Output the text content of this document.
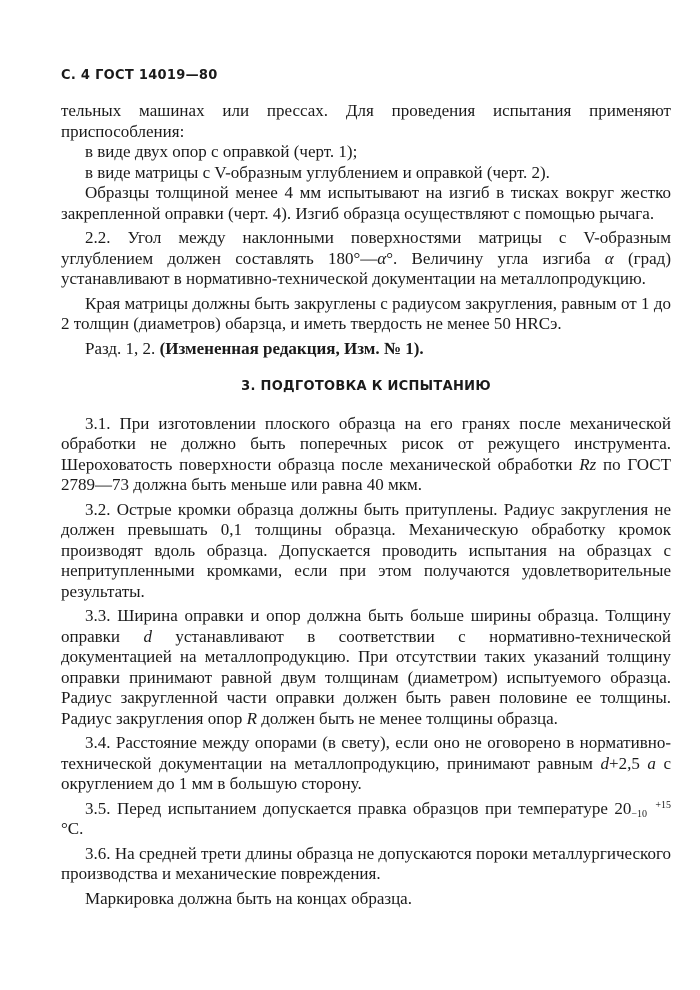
С. 4 ГОСТ 14019—80

тельных машинах или прессах. Для проведения испытания применяют приспособления:

в виде двух опор с оправкой (черт. 1);

в виде матрицы с V-образным углублением и оправкой (черт. 2).

Образцы толщиной менее 4 мм испытывают на изгиб в тисках вокруг жестко закрепленной оправки (черт. 4). Изгиб образца осуществляют с помощью рычага.

2.2. Угол между наклонными поверхностями матрицы с V-образным углублением должен составлять 180°—α°. Величину угла изгиба α (град) устанавливают в нормативно-технической документации на металлопродукцию.

Края матрицы должны быть закруглены с радиусом закругления, равным от 1 до 2 толщин (диаметров) обарзца, и иметь твердость не менее 50 HRCэ.

Разд. 1, 2. (Измененная редакция, Изм. № 1).

3. ПОДГОТОВКА К ИСПЫТАНИЮ

3.1. При изготовлении плоского образца на его гранях после механической обработки не должно быть поперечных рисок от режущего инструмента. Шероховатость поверхности образца после механической обработки Rz по ГОСТ 2789—73 должна быть меньше или равна 40 мкм.

3.2. Острые кромки образца должны быть притуплены. Радиус закругления не должен превышать 0,1 толщины образца. Механическую обработку кромок производят вдоль образца. Допускается проводить испытания на образцах с непритупленными кромками, если при этом получаются удовлетворительные результаты.

3.3. Ширина оправки и опор должна быть больше ширины образца. Толщину оправки d устанавливают в соответствии с нормативно-технической документацией на металлопродукцию. При отсутствии таких указаний толщину оправки принимают равной двум толщинам (диаметром) испытуемого образца. Радиус закругленной части оправки должен быть равен половине ее толщины. Радиус закругления опор R должен быть не менее толщины образца.

3.4. Расстояние между опорами (в свету), если оно не оговорено в нормативно-технической документации на металлопродукцию, принимают равным d+2,5 a с округлением до 1 мм в большую сторону.

3.5. Перед испытанием допускается правка образцов при температуре 20 +15
−10°С.

3.6. На средней трети длины образца не допускаются пороки металлургического производства и механические повреждения.

Маркировка должна быть на концах образца.
